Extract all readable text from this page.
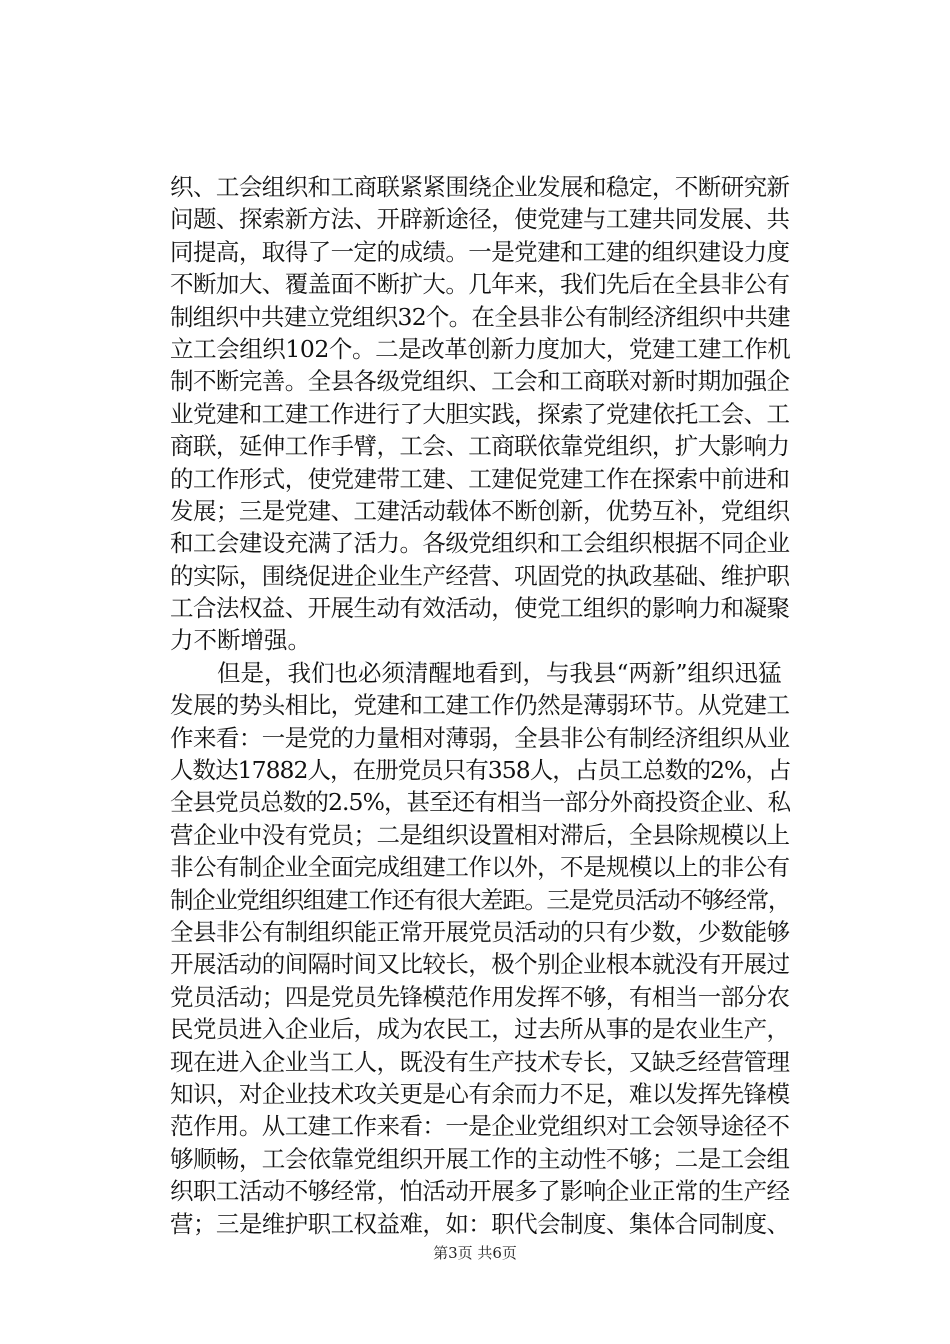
织、工会组织和工商联紧紧围绕企业发展和稳定，不断研究新
问题、探索新方法、开辟新途径，使党建与工建共同发展、共
同提高，取得了一定的成绩。一是党建和工建的组织建设力度
不断加大、覆盖面不断扩大。几年来，我们先后在全县非公有
制组织中共建立党组织32个。在全县非公有制经济组织中共建
立工会组织102个。二是改革创新力度加大，党建工建工作机
制不断完善。全县各级党组织、工会和工商联对新时期加强企
业党建和工建工作进行了大胆实践，探索了党建依托工会、工
商联，延伸工作手臂，工会、工商联依靠党组织，扩大影响力
的工作形式，使党建带工建、工建促党建工作在探索中前进和
发展；三是党建、工建活动载体不断创新，优势互补，党组织
和工会建设充满了活力。各级党组织和工会组织根据不同企业
的实际，围绕促进企业生产经营、巩固党的执政基础、维护职
工合法权益、开展生动有效活动，使党工组织的影响力和凝聚
力不断增强。
　　但是，我们也必须清醒地看到，与我县“两新”组织迅猛
发展的势头相比，党建和工建工作仍然是薄弱环节。从党建工
作来看：一是党的力量相对薄弱，全县非公有制经济组织从业
人数达17882人，在册党员只有358人，占员工总数的2%，占
全县党员总数的2.5%，甚至还有相当一部分外商投资企业、私
营企业中没有党员；二是组织设置相对滞后，全县除规模以上
非公有制企业全面完成组建工作以外，不是规模以上的非公有
制企业党组织组建工作还有很大差距。三是党员活动不够经常，
全县非公有制组织能正常开展党员活动的只有少数，少数能够
开展活动的间隔时间又比较长，极个别企业根本就没有开展过
党员活动；四是党员先锋模范作用发挥不够，有相当一部分农
民党员进入企业后，成为农民工，过去所从事的是农业生产，
现在进入企业当工人，既没有生产技术专长，又缺乏经营管理
知识，对企业技术攻关更是心有余而力不足，难以发挥先锋模
范作用。从工建工作来看：一是企业党组织对工会领导途径不
够顺畅，工会依靠党组织开展工作的主动性不够；二是工会组
织职工活动不够经常，怕活动开展多了影响企业正常的生产经
营；三是维护职工权益难，如：职代会制度、集体合同制度、
第3页 共6页
